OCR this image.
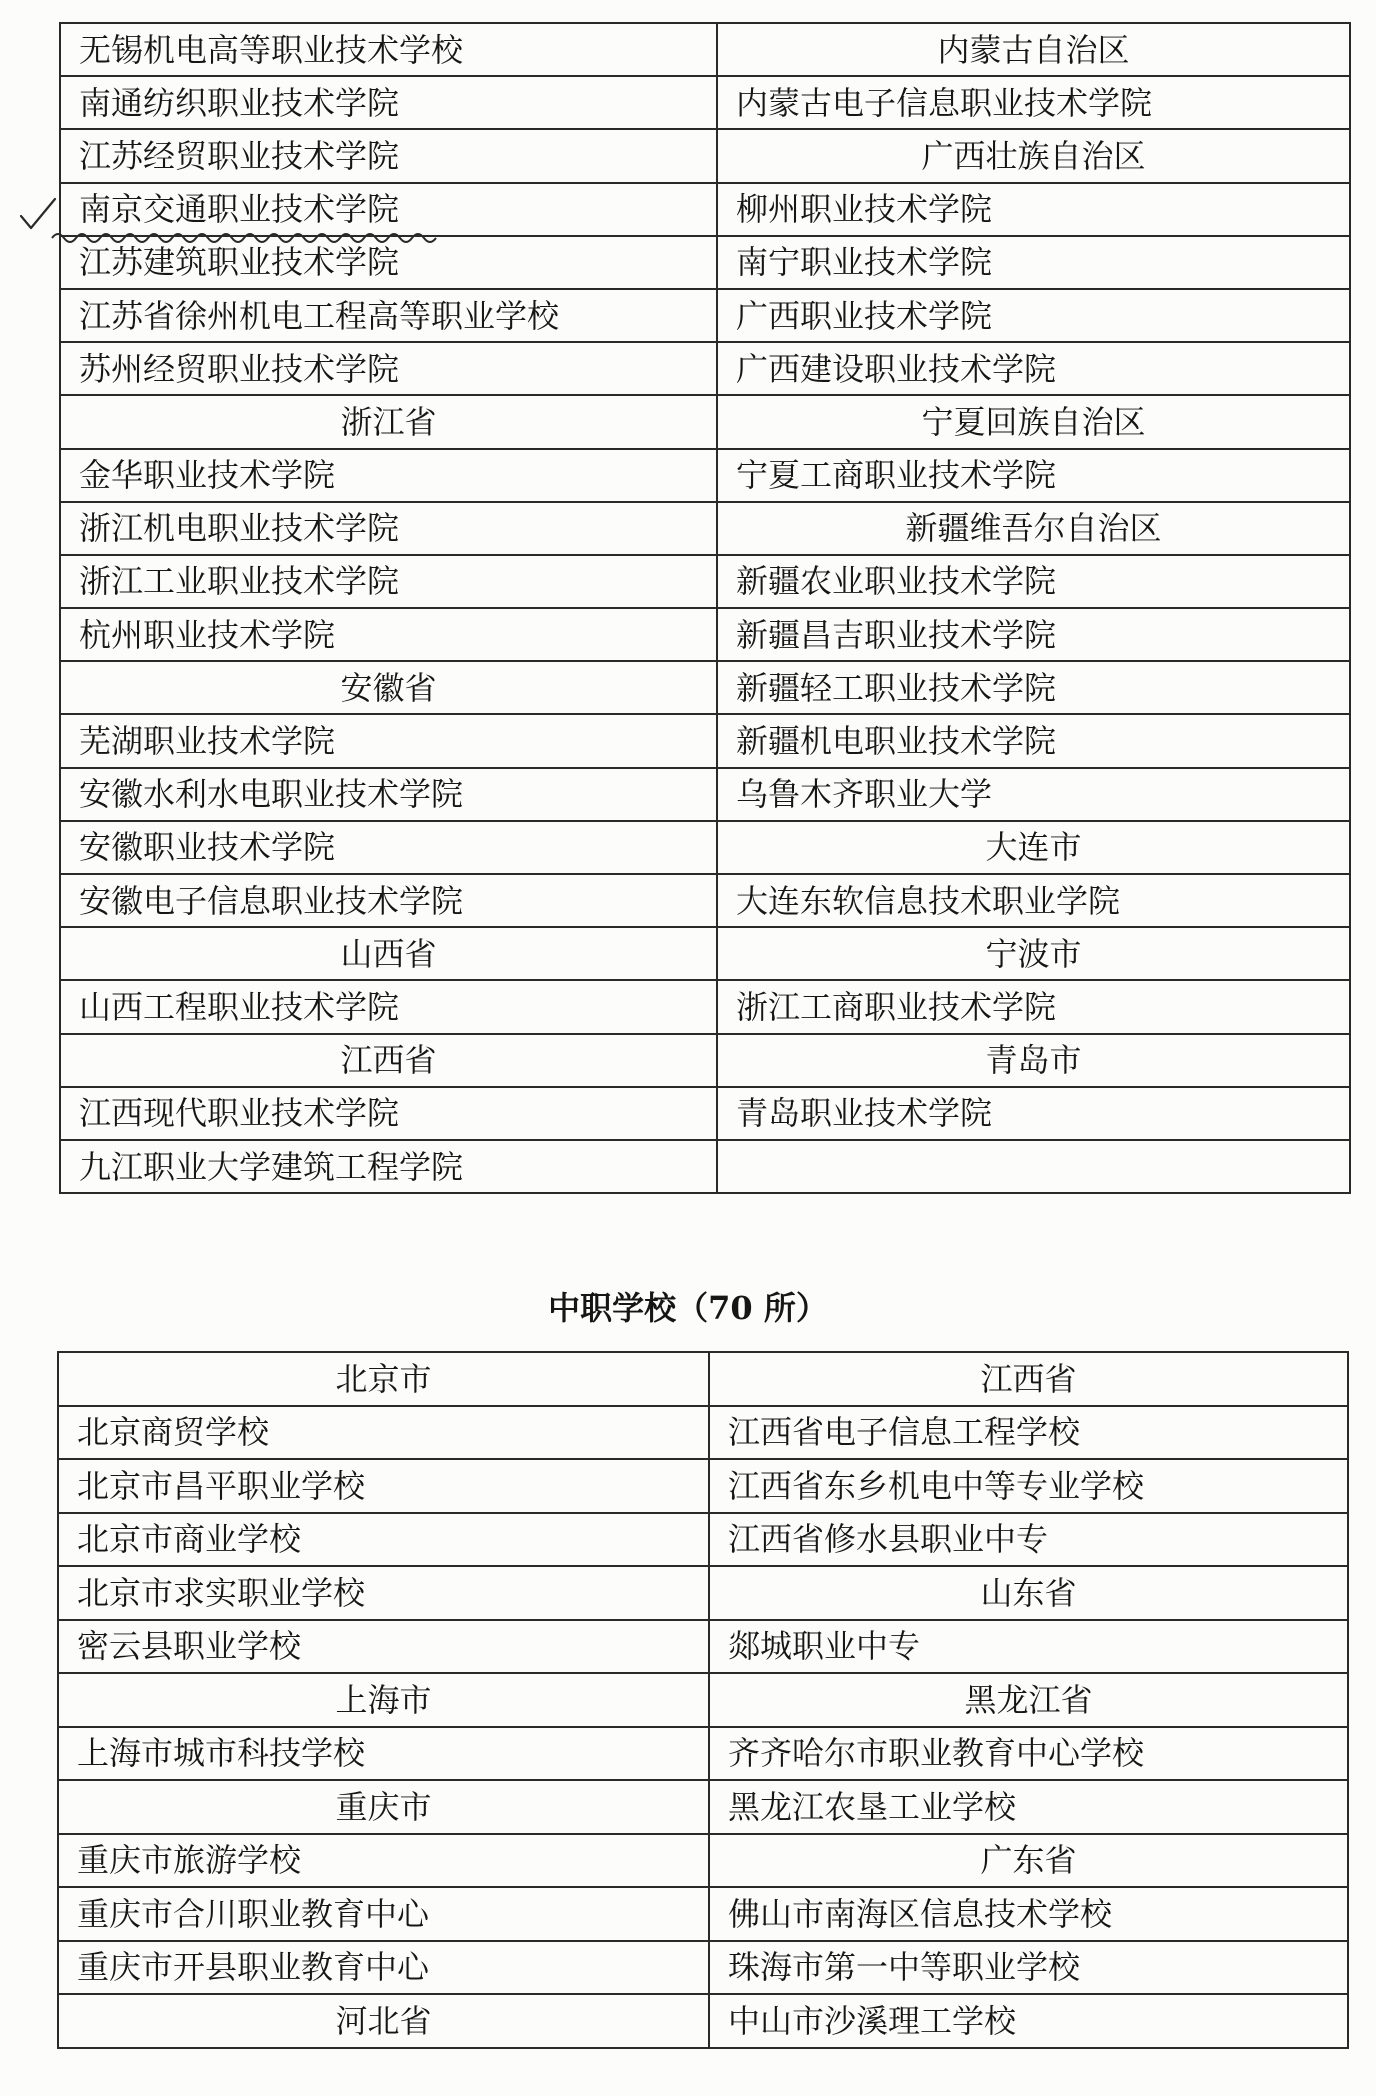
无锡机电高等职业技术学校	内蒙古自治区
南通纺织职业技术学院	内蒙古电子信息职业技术学院
江苏经贸职业技术学院	广西壮族自治区
南京交通职业技术学院	柳州职业技术学院
江苏建筑职业技术学院	南宁职业技术学院
江苏省徐州机电工程高等职业学校	广西职业技术学院
苏州经贸职业技术学院	广西建设职业技术学院
浙江省	宁夏回族自治区
金华职业技术学院	宁夏工商职业技术学院
浙江机电职业技术学院	新疆维吾尔自治区
浙江工业职业技术学院	新疆农业职业技术学院
杭州职业技术学院	新疆昌吉职业技术学院
安徽省	新疆轻工职业技术学院
芜湖职业技术学院	新疆机电职业技术学院
安徽水利水电职业技术学院	乌鲁木齐职业大学
安徽职业技术学院	大连市
安徽电子信息职业技术学院	大连东软信息技术职业学院
山西省	宁波市
山西工程职业技术学院	浙江工商职业技术学院
江西省	青岛市
江西现代职业技术学院	青岛职业技术学院
九江职业大学建筑工程学院	
中职学校（70 所）
北京市	江西省
北京商贸学校	江西省电子信息工程学校
北京市昌平职业学校	江西省东乡机电中等专业学校
北京市商业学校	江西省修水县职业中专
北京市求实职业学校	山东省
密云县职业学校	郯城职业中专
上海市	黑龙江省
上海市城市科技学校	齐齐哈尔市职业教育中心学校
重庆市	黑龙江农垦工业学校
重庆市旅游学校	广东省
重庆市合川职业教育中心	佛山市南海区信息技术学校
重庆市开县职业教育中心	珠海市第一中等职业学校
河北省	中山市沙溪理工学校
